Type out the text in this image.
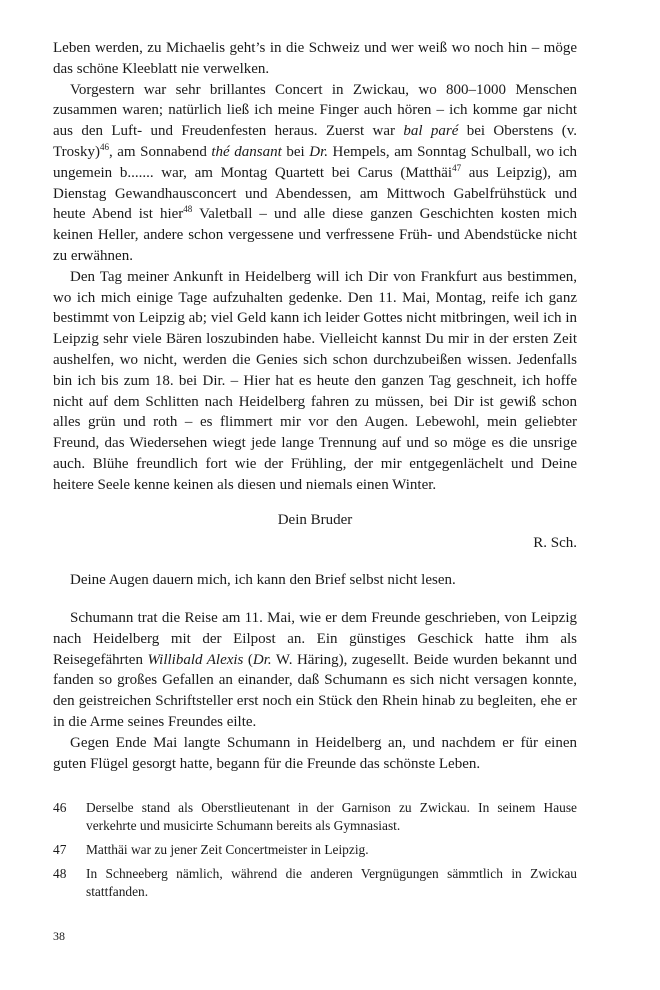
Leben werden, zu Michaelis geht’s in die Schweiz und wer weiß wo noch hin – möge das schöne Kleeblatt nie verwelken.

Vorgestern war sehr brillantes Concert in Zwickau, wo 800–1000 Menschen zusammen waren; natürlich ließ ich meine Finger auch hören – ich komme gar nicht aus den Luft- und Freudenfesten heraus. Zuerst war bal paré bei Oberstens (v. Trosky)$^{46}$, am Sonnabend thé dansant bei Dr. Hempels, am Sonntag Schulball, wo ich ungemein b....... war, am Montag Quartett bei Carus (Matthäi$^{47}$ aus Leipzig), am Dienstag Gewandhausconcert und Abendessen, am Mittwoch Gabelfrühstück und heute Abend ist hier$^{48}$ Valetball – und alle diese ganzen Geschichten kosten mich keinen Heller, andere schon vergessene und verfressene Früh- und Abendstücke nicht zu erwähnen.

Den Tag meiner Ankunft in Heidelberg will ich Dir von Frankfurt aus bestimmen, wo ich mich einige Tage aufzuhalten gedenke. Den 11. Mai, Montag, reife ich ganz bestimmt von Leipzig ab; viel Geld kann ich leider Gottes nicht mitbringen, weil ich in Leipzig sehr viele Bären loszubinden habe. Vielleicht kannst Du mir in der ersten Zeit aushelfen, wo nicht, werden die Genies sich schon durchzubeißen wissen. Jedenfalls bin ich bis zum 18. bei Dir. – Hier hat es heute den ganzen Tag geschneit, ich hoffe nicht auf dem Schlitten nach Heidelberg fahren zu müssen, bei Dir ist gewiß schon alles grün und roth – es flimmert mir vor den Augen. Lebewohl, mein geliebter Freund, das Wiedersehen wiegt jede lange Trennung auf und so möge es die unsrige auch. Blühe freundlich fort wie der Frühling, der mir entgegenlächelt und Deine heitere Seele kenne keinen als diesen und niemals einen Winter.

Dein Bruder
R. Sch.
Deine Augen dauern mich, ich kann den Brief selbst nicht lesen.

Schumann trat die Reise am 11. Mai, wie er dem Freunde geschrieben, von Leipzig nach Heidelberg mit der Eilpost an. Ein günstiges Geschick hatte ihm als Reisegefährten Willibald Alexis (Dr. W. Häring), zugesellt. Beide wurden bekannt und fanden so großes Gefallen an einander, daß Schumann es sich nicht versagen konnte, den geistreichen Schriftsteller erst noch ein Stück den Rhein hinab zu begleiten, ehe er in die Arme seines Freundes eilte.

Gegen Ende Mai langte Schumann in Heidelberg an, und nachdem er für einen guten Flügel gesorgt hatte, begann für die Freunde das schönste Leben.

46	Derselbe stand als Oberstlieutenant in der Garnison zu Zwickau. In seinem Hause verkehrte und musicirte Schumann bereits als Gymnasiast.
47	Matthäi war zu jener Zeit Concertmeister in Leipzig.
48	In Schneeberg nämlich, während die anderen Vergnügungen sämmtlich in Zwickau stattfanden.
38
